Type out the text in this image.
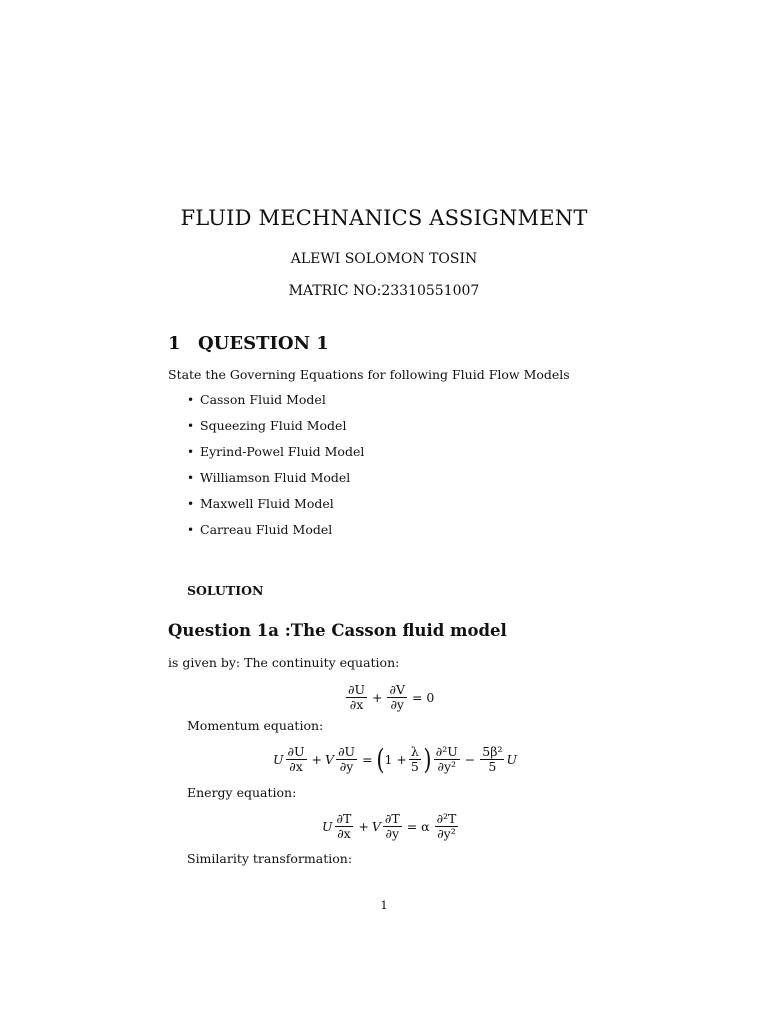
FLUID MECHNANICS ASSIGNMENT
ALEWI SOLOMON TOSIN
MATRIC NO:23310551007
1 QUESTION 1
State the Governing Equations for following Fluid Flow Models
• Casson Fluid Model
• Squeezing Fluid Model
• Eyrind-Powel Fluid Model
• Williamson Fluid Model
• Maxwell Fluid Model
• Carreau Fluid Model
SOLUTION
Question 1a :The Casson fluid model
is given by: The continuity equation:
$\frac{\partial U}{\partial x} + \frac{\partial V}{\partial y} = 0$
Momentum equation:
U $\frac{\partial U}{\partial x} + V \frac{\partial U}{\partial y}$ = ( $1 + \frac{\lambda}{5}$ ) $\frac{\text{∂²U}}{\text{∂y²}} - \frac{\text{5β²}}{5}$ U
Energy equation:
U $\frac{\partial T}{\partial x} + V \frac{\partial T}{\partial y} = \alpha \frac{\text{∂²T}}{\text{∂y²}}$
Similarity transformation:
1
